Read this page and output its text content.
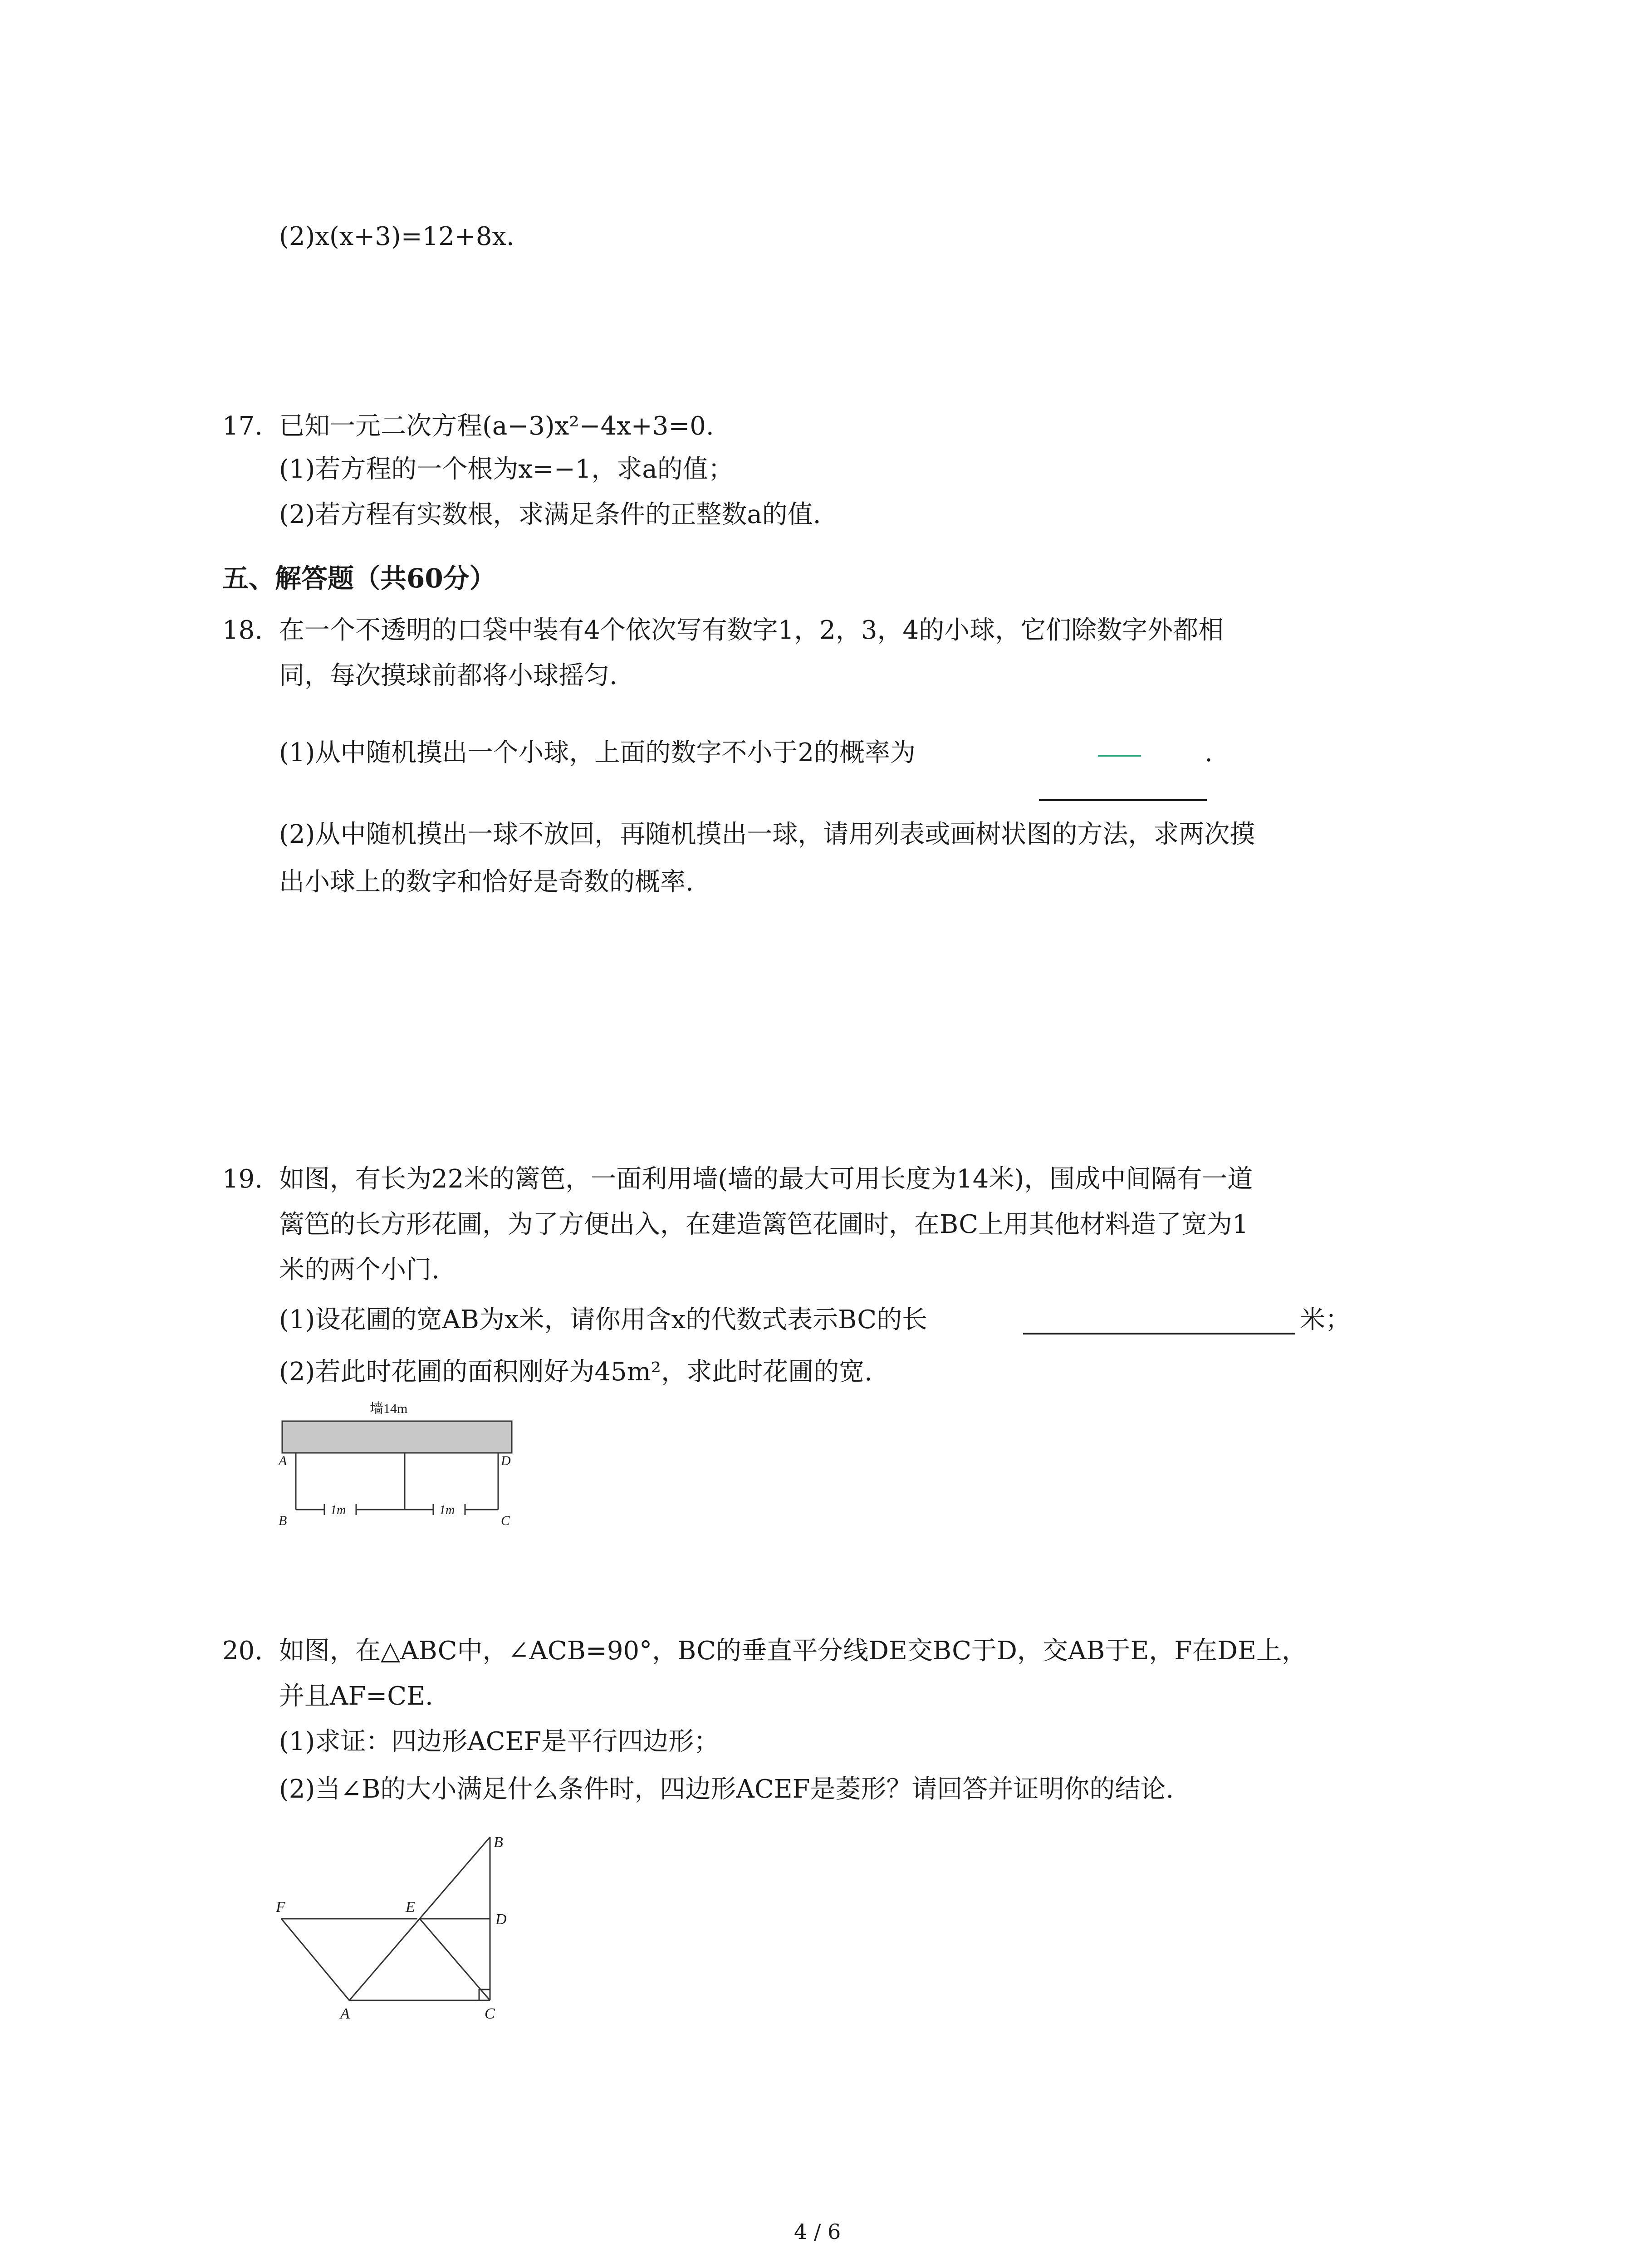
(2)x(x+3)=12+8x.
17. 已知一元二次方程(a−3)x²−4x+3=0.
(1)若方程的一个根为x=−1，求a的值；
(2)若方程有实数根，求满足条件的正整数a的值.
五、解答题（共60分）
18. 在一个不透明的口袋中装有4个依次写有数字1，2，3，4的小球，它们除数字外都相
同，每次摸球前都将小球摇匀.
(1)从中随机摸出一个小球，上面的数字不小于2的概率为	.
(2)从中随机摸出一球不放回，再随机摸出一球，请用列表或画树状图的方法，求两次摸
出小球上的数字和恰好是奇数的概率.
19. 如图，有长为22米的篱笆，一面利用墙(墙的最大可用长度为14米)，围成中间隔有一道
篱笆的长方形花圃，为了方便出入，在建造篱笆花圃时，在BC上用其他材料造了宽为1
米的两个小门.
(1)设花圃的宽AB为x米，请你用含x的代数式表示BC的长	米；
(2)若此时花圃的面积刚好为45m²，求此时花圃的宽.
墙14m
1m	1m
A	D
B	C
20. 如图，在△ABC中，∠ACB=90°，BC的垂直平分线DE交BC于D，交AB于E，F在DE上，
并且AF=CE.
(1)求证：四边形ACEF是平行四边形；
(2)当∠B的大小满足什么条件时，四边形ACEF是菱形？请回答并证明你的结论.
B
F	E
D
A	C
4 / 6
